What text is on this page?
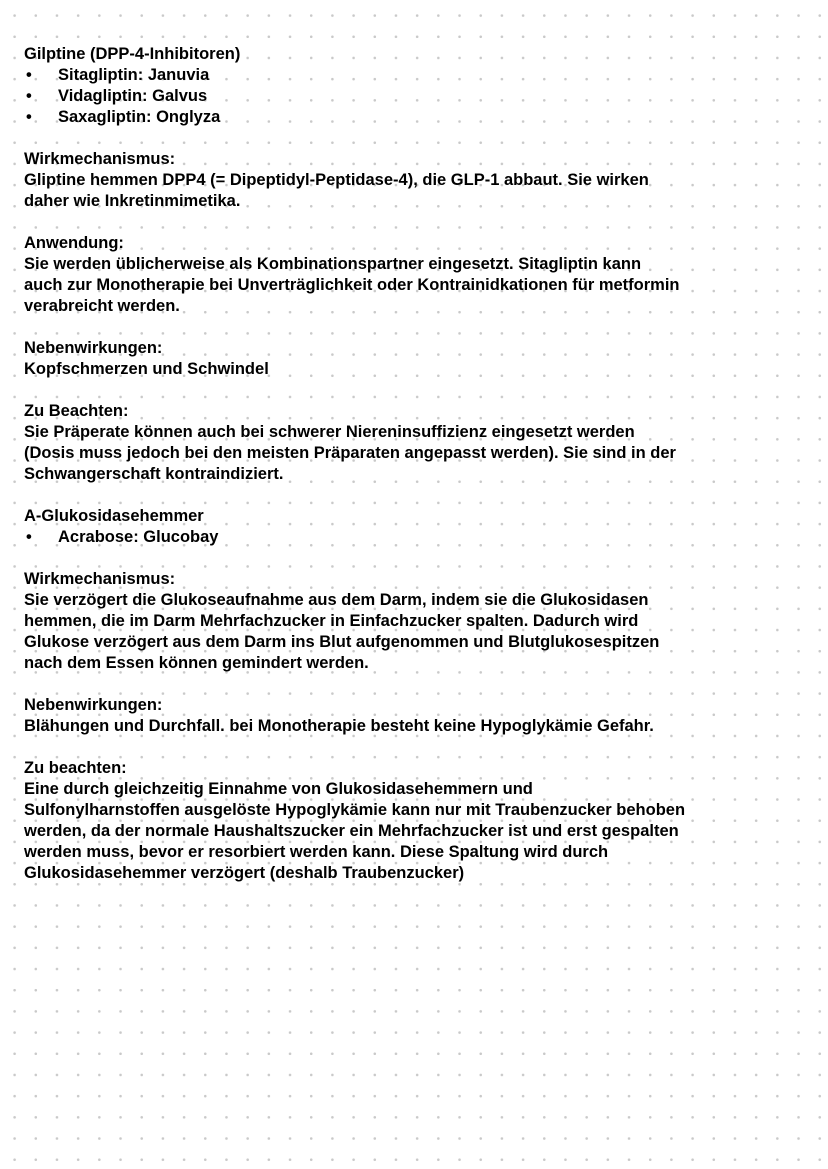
Gilptine (DPP-4-Inhibitoren)

• Sitagliptin: Januvia
• Vidagliptin: Galvus
• Saxagliptin: Onglyza

Wirkmechanismus:

Gliptine hemmen DPP4 (= Dipeptidyl-Peptidase-4), die GLP-1 abbaut. Sie wirken

daher wie Inkretinmimetika.

Anwendung:

Sie werden üblicherweise als Kombinationspartner eingesetzt. Sitagliptin kann

auch zur Monotherapie bei Unverträglichkeit oder Kontrainidkationen für metformin

verabreicht werden.

Nebenwirkungen:

Kopfschmerzen und Schwindel

Zu Beachten:

Sie Präperate können auch bei schwerer Niereninsuffizienz eingesetzt werden

(Dosis muss jedoch bei den meisten Präparaten angepasst werden). Sie sind in der

Schwangerschaft kontraindiziert.

A-Glukosidasehemmer

• Acrabose: Glucobay

Wirkmechanismus:

Sie verzögert die Glukoseaufnahme aus dem Darm, indem sie die Glukosidasen

hemmen, die im Darm Mehrfachzucker in Einfachzucker spalten. Dadurch wird

Glukose verzögert aus dem Darm ins Blut aufgenommen und Blutglukosespitzen

nach dem Essen können gemindert werden.

Nebenwirkungen:

Blähungen und Durchfall. bei Monotherapie besteht keine Hypoglykämie Gefahr.

Zu beachten:

Eine durch gleichzeitig Einnahme von Glukosidasehemmern und

Sulfonylharnstoffen ausgelöste Hypoglykämie kann nur mit Traubenzucker behoben

werden, da der normale Haushaltszucker ein Mehrfachzucker ist und erst gespalten

werden muss, bevor er resorbiert werden kann. Diese Spaltung wird durch

Glukosidasehemmer verzögert (deshalb Traubenzucker)
